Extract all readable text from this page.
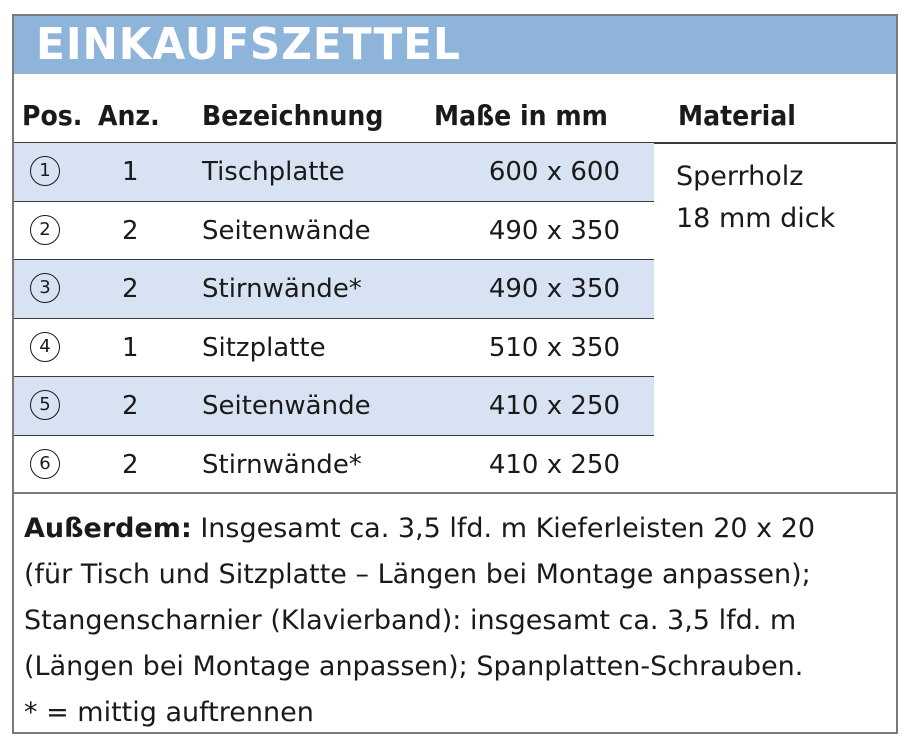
EINKAUFSZETTEL
Pos. Anz. Bezeichnung Maße in mm	Material
1	1 Tischplatte	600 x 600
2	2 Seitenwände	490 x 350
3	2 Stirnwände*	490 x 350
4	1 Sitzplatte	510 x 350
5	2 Seitenwände	410 x 250
6	2 Stirnwände*	410 x 250
Sperrholz
18 mm dick
Außerdem: Insgesamt ca. 3,5 lfd. m Kieferleisten 20 x 20
(für Tisch und Sitzplatte – Längen bei Montage anpassen);
Stangenscharnier (Klavierband): insgesamt ca. 3,5 lfd. m
(Längen bei Montage anpassen); Spanplatten-Schrauben.
* = mittig auftrennen
